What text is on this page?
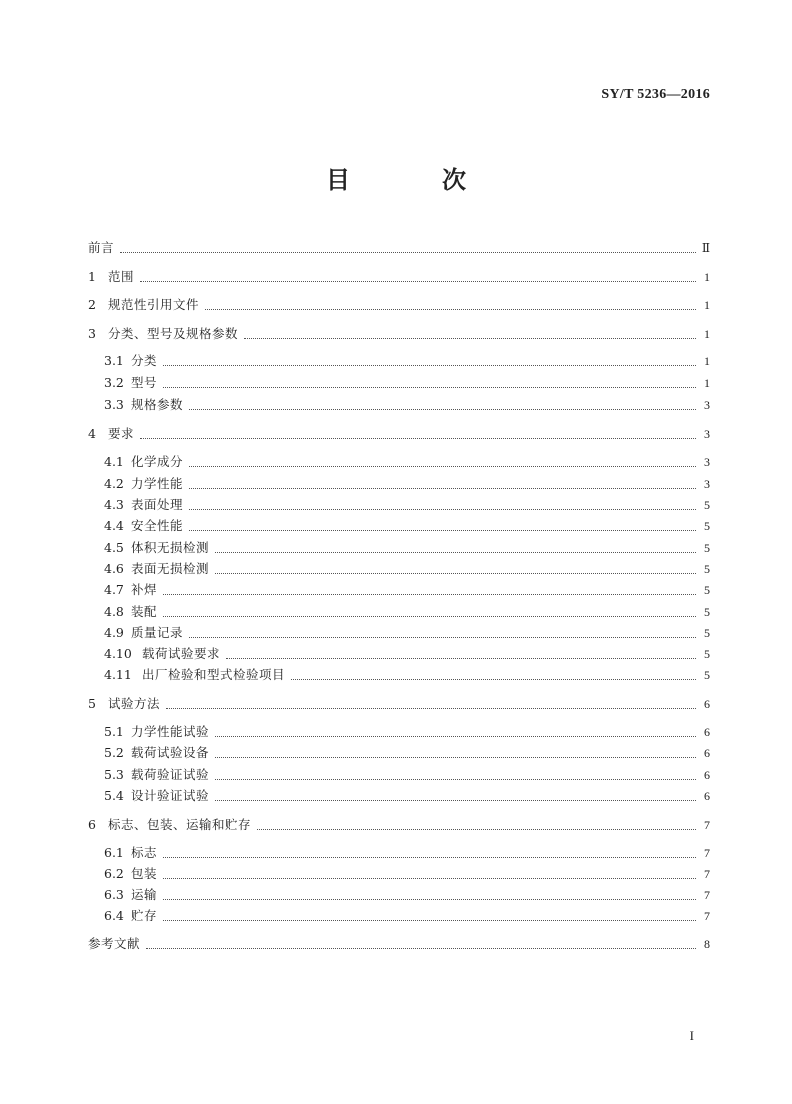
SY/T 5236—2016
目　次
前言	Ⅱ
1 范围	1
2 规范性引用文件	1
3 分类、型号及规格参数	1
3.1 分类	1
3.2 型号	1
3.3 规格参数	3
4 要求	3
4.1 化学成分	3
4.2 力学性能	3
4.3 表面处理	5
4.4 安全性能	5
4.5 体积无损检测	5
4.6 表面无损检测	5
4.7 补焊	5
4.8 装配	5
4.9 质量记录	5
4.10 载荷试验要求	5
4.11 出厂检验和型式检验项目	5
5 试验方法	6
5.1 力学性能试验	6
5.2 载荷试验设备	6
5.3 载荷验证试验	6
5.4 设计验证试验	6
6 标志、包装、运输和贮存	7
6.1 标志	7
6.2 包装	7
6.3 运输	7
6.4 贮存	7
参考文献	8
I
